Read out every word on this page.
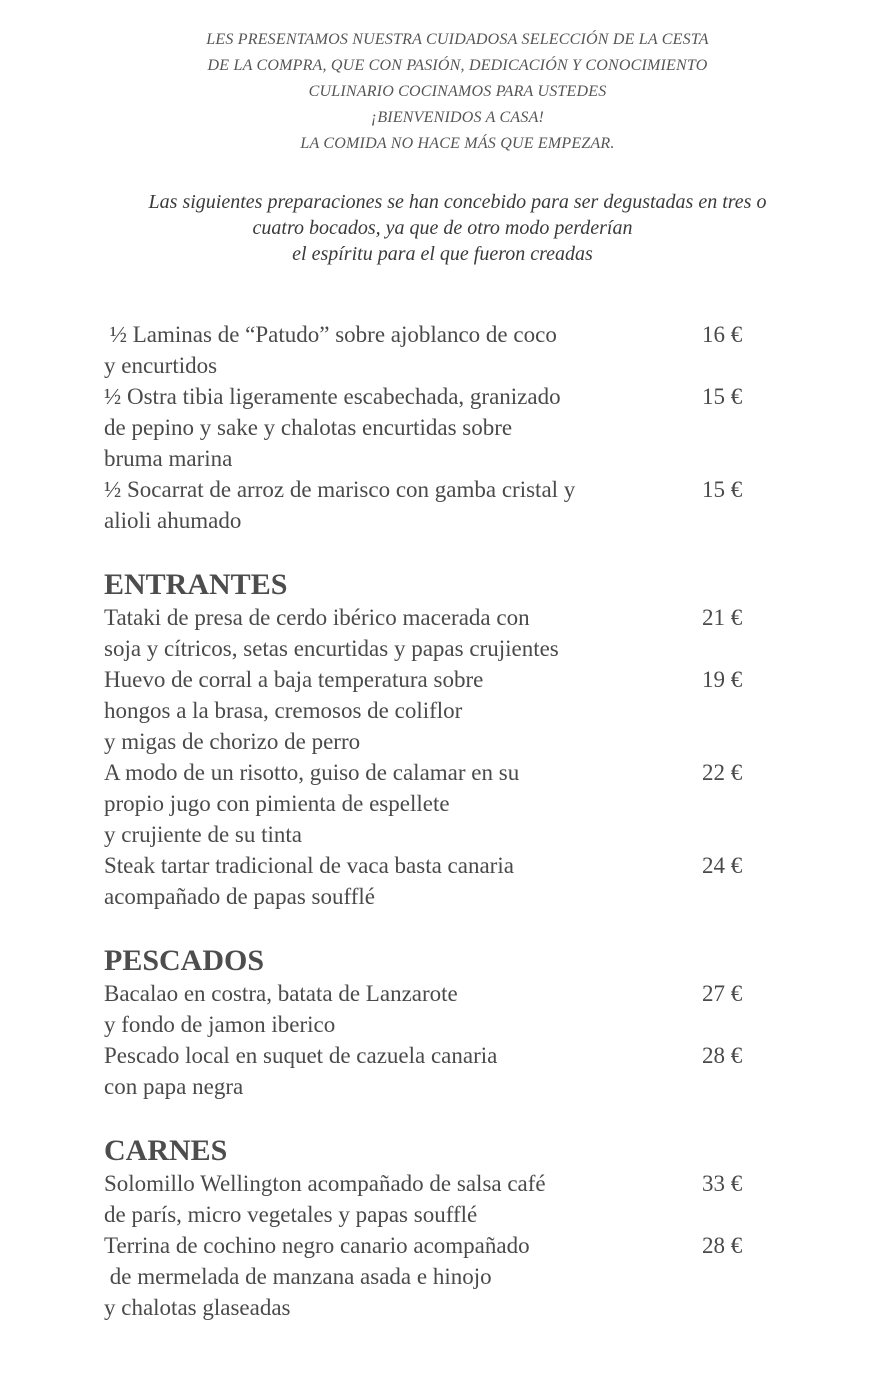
LES PRESENTAMOS NUESTRA CUIDADOSA SELECCIÓN DE LA CESTA
DE LA COMPRA, QUE CON PASIÓN, DEDICACIÓN Y CONOCIMIENTO
CULINARIO COCINAMOS PARA USTEDES
¡BIENVENIDOS A CASA!
LA COMIDA NO HACE MÁS QUE EMPEZAR.
Las siguientes preparaciones se han concebido para ser degustadas en tres o
cuatro bocados, ya que de otro modo perderían
el espíritu para el que fueron creadas
½ Laminas de “Patudo” sobre ajoblanco de coco
y encurtidos
16 €
½ Ostra tibia ligeramente escabechada, granizado
de pepino y sake y chalotas encurtidas sobre
bruma marina
15 €
½ Socarrat de arroz de marisco con gamba cristal y
alioli ahumado
15 €
ENTRANTES
Tataki de presa de cerdo ibérico macerada con
soja y cítricos, setas encurtidas y papas crujientes
21 €
Huevo de corral a baja temperatura sobre
hongos a la brasa, cremosos de coliflor
y migas de chorizo de perro
19 €
A modo de un risotto, guiso de calamar en su
propio jugo con pimienta de espellete
y crujiente de su tinta
22 €
Steak tartar tradicional de vaca basta canaria
acompañado de papas soufflé
24 €
PESCADOS
Bacalao en costra, batata de Lanzarote
y fondo de jamon iberico
27 €
Pescado local en suquet de cazuela canaria
con papa negra
28 €
CARNES
Solomillo Wellington acompañado de salsa café
de parís, micro vegetales y papas soufflé
33 €
Terrina de cochino negro canario acompañado
de mermelada de manzana asada e hinojo
y chalotas glaseadas
28 €
